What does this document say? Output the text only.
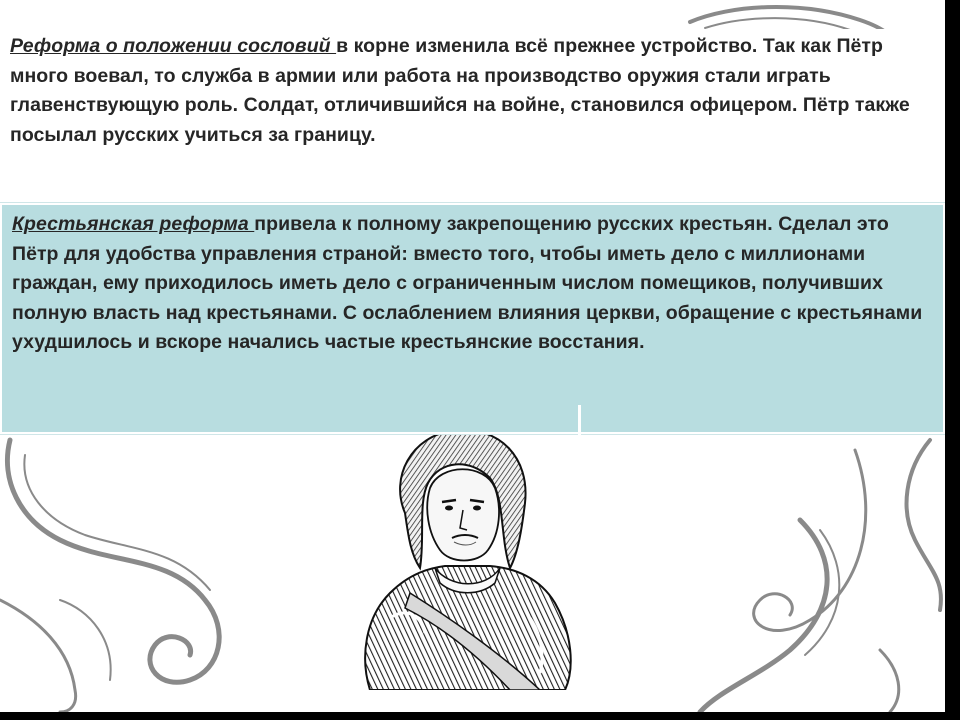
Реформа о положении сословий в корне изменила всё прежнее устройство. Так как Пётр много воевал, то служба в армии или работа на производство оружия стали играть главенствующую роль. Солдат, отличившийся на войне, становился офицером. Пётр также посылал русских учиться за границу.
Крестьянская реформа привела к полному закрепощению русских крестьян. Сделал это Пётр для удобства управления страной: вместо того, чтобы иметь дело с миллионами граждан, ему приходилось иметь дело с ограниченным числом помещиков, получивших полную власть над крестьянами. С ослаблением влияния церкви, обращение с крестьянами ухудшилось и вскоре начались частые крестьянские восстания.
